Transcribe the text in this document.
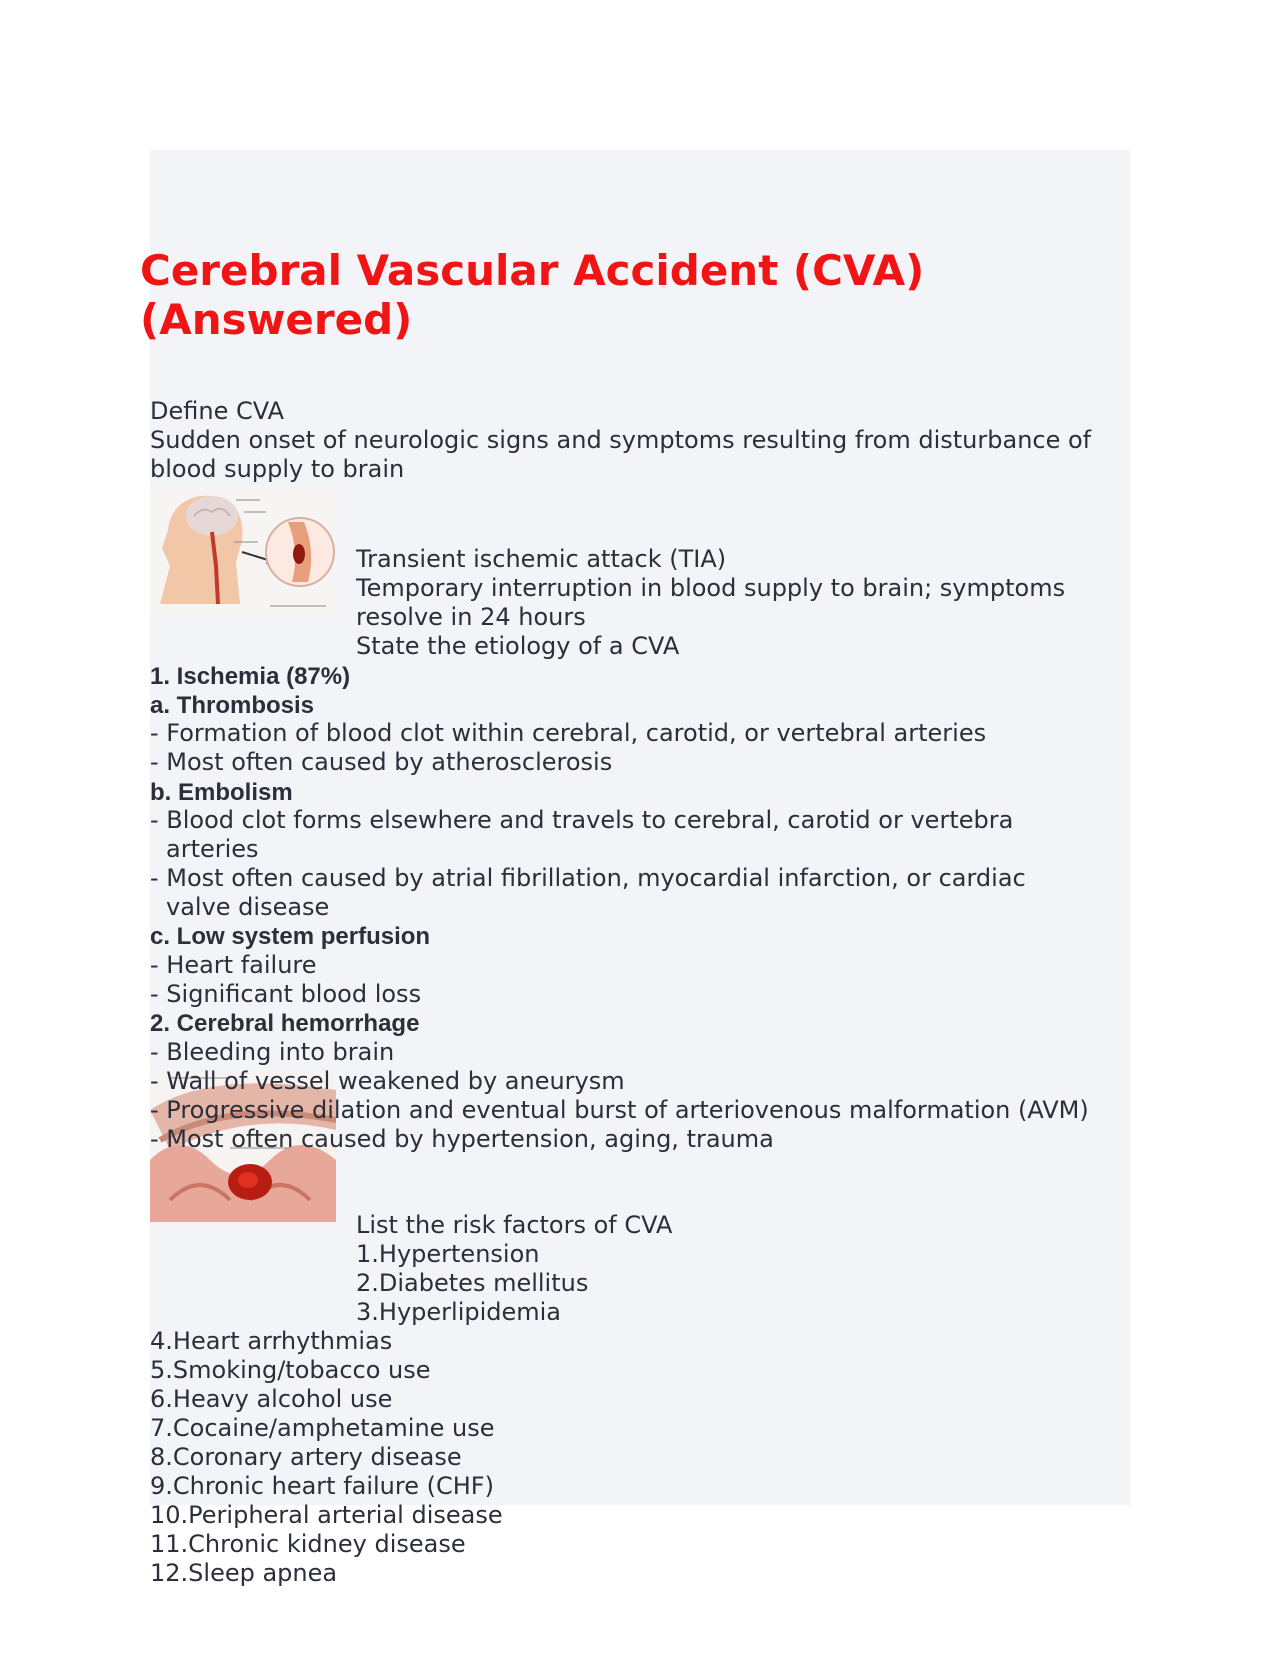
Cerebral Vascular Accident (CVA)
(Answered)
Define CVA
Sudden onset of neurologic signs and symptoms resulting from disturbance of
blood supply to brain
Transient ischemic attack (TIA)
Temporary interruption in blood supply to brain; symptoms
resolve in 24 hours
State the etiology of a CVA
1. Ischemia (87%)
a. Thrombosis
- Formation of blood clot within cerebral, carotid, or vertebral arteries
- Most often caused by atherosclerosis
b. Embolism
- Blood clot forms elsewhere and travels to cerebral, carotid or vertebra
arteries
- Most often caused by atrial fibrillation, myocardial infarction, or cardiac
valve disease
c. Low system perfusion
- Heart failure
- Significant blood loss
2. Cerebral hemorrhage
- Bleeding into brain
- Wall of vessel weakened by aneurysm
- Progressive dilation and eventual burst of arteriovenous malformation (AVM)
- Most often caused by hypertension, aging, trauma
List the risk factors of CVA
1.Hypertension
2.Diabetes mellitus
3.Hyperlipidemia
4.Heart arrhythmias
5.Smoking/tobacco use
6.Heavy alcohol use
7.Cocaine/amphetamine use
8.Coronary artery disease
9.Chronic heart failure (CHF)
10.Peripheral arterial disease
11.Chronic kidney disease
12.Sleep apnea
